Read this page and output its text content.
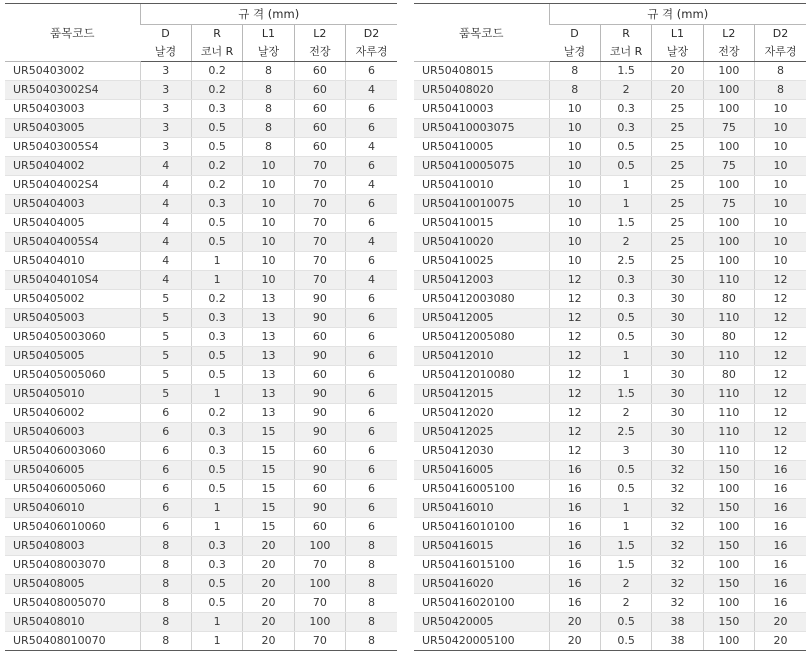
품목코드	규 격 (mm)				
	D	R	L1	L2	D2
	날경	코너 R	날장	전장	자루경
UR50403002	3	0.2	8	60	6
UR50403002S4	3	0.2	8	60	4
UR50403003	3	0.3	8	60	6
UR50403005	3	0.5	8	60	6
UR50403005S4	3	0.5	8	60	4
UR50404002	4	0.2	10	70	6
UR50404002S4	4	0.2	10	70	4
UR50404003	4	0.3	10	70	6
UR50404005	4	0.5	10	70	6
UR50404005S4	4	0.5	10	70	4
UR50404010	4	1	10	70	6
UR50404010S4	4	1	10	70	4
UR50405002	5	0.2	13	90	6
UR50405003	5	0.3	13	90	6
UR50405003060	5	0.3	13	60	6
UR50405005	5	0.5	13	90	6
UR50405005060	5	0.5	13	60	6
UR50405010	5	1	13	90	6
UR50406002	6	0.2	13	90	6
UR50406003	6	0.3	15	90	6
UR50406003060	6	0.3	15	60	6
UR50406005	6	0.5	15	90	6
UR50406005060	6	0.5	15	60	6
UR50406010	6	1	15	90	6
UR50406010060	6	1	15	60	6
UR50408003	8	0.3	20	100	8
UR50408003070	8	0.3	20	70	8
UR50408005	8	0.5	20	100	8
UR50408005070	8	0.5	20	70	8
UR50408010	8	1	20	100	8
UR50408010070	8	1	20	70	8
품목코드	규 격 (mm)				
	D	R	L1	L2	D2
	날경	코너 R	날장	전장	자루경
UR50408015	8	1.5	20	100	8
UR50408020	8	2	20	100	8
UR50410003	10	0.3	25	100	10
UR50410003075	10	0.3	25	75	10
UR50410005	10	0.5	25	100	10
UR50410005075	10	0.5	25	75	10
UR50410010	10	1	25	100	10
UR50410010075	10	1	25	75	10
UR50410015	10	1.5	25	100	10
UR50410020	10	2	25	100	10
UR50410025	10	2.5	25	100	10
UR50412003	12	0.3	30	110	12
UR50412003080	12	0.3	30	80	12
UR50412005	12	0.5	30	110	12
UR50412005080	12	0.5	30	80	12
UR50412010	12	1	30	110	12
UR50412010080	12	1	30	80	12
UR50412015	12	1.5	30	110	12
UR50412020	12	2	30	110	12
UR50412025	12	2.5	30	110	12
UR50412030	12	3	30	110	12
UR50416005	16	0.5	32	150	16
UR50416005100	16	0.5	32	100	16
UR50416010	16	1	32	150	16
UR50416010100	16	1	32	100	16
UR50416015	16	1.5	32	150	16
UR50416015100	16	1.5	32	100	16
UR50416020	16	2	32	150	16
UR50416020100	16	2	32	100	16
UR50420005	20	0.5	38	150	20
UR50420005100	20	0.5	38	100	20
